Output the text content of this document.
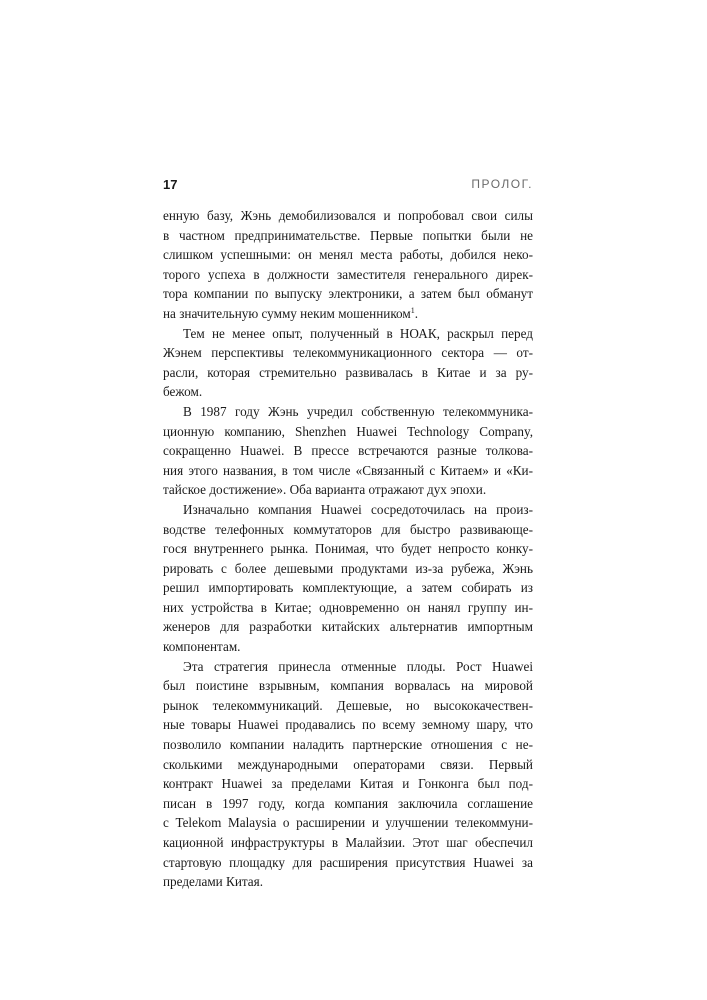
17	ПРОЛОГ.
енную базу, Жэнь демобилизовался и попробовал свои силы
в частном предпринимательстве. Первые попытки были не
слишком успешными: он менял места работы, добился неко-
торого успеха в должности заместителя генерального дирек-
тора компании по выпуску электроники, а затем был обманут
на значительную сумму неким мошенником$^1$.
Тем не менее опыт, полученный в НОАК, раскрыл перед
Жэнем перспективы телекоммуникационного сектора — от-
расли, которая стремительно развивалась в Китае и за ру-
бежом.
В 1987 году Жэнь учредил собственную телекоммуника-
ционную компанию, Shenzhen Huawei Technology Company,
сокращенно Huawei. В прессе встречаются разные толкова-
ния этого названия, в том числе «Связанный с Китаем» и «Ки-
тайское достижение». Оба варианта отражают дух эпохи.
Изначально компания Huawei сосредоточилась на произ-
водстве телефонных коммутаторов для быстро развивающе-
гося внутреннего рынка. Понимая, что будет непросто конку-
рировать с более дешевыми продуктами из-за рубежа, Жэнь
решил импортировать комплектующие, а затем собирать из
них устройства в Китае; одновременно он нанял группу ин-
женеров для разработки китайских альтернатив импортным
компонентам.
Эта стратегия принесла отменные плоды. Рост Huawei
был поистине взрывным, компания ворвалась на мировой
рынок телекоммуникаций. Дешевые, но высококачествен-
ные товары Huawei продавались по всему земному шару, что
позволило компании наладить партнерские отношения с не-
сколькими международными операторами связи. Первый
контракт Huawei за пределами Китая и Гонконга был под-
писан в 1997 году, когда компания заключила соглашение
с Telekom Malaysia о расширении и улучшении телекоммуни-
кационной инфраструктуры в Малайзии. Этот шаг обеспечил
стартовую площадку для расширения присутствия Huawei за
пределами Китая.
